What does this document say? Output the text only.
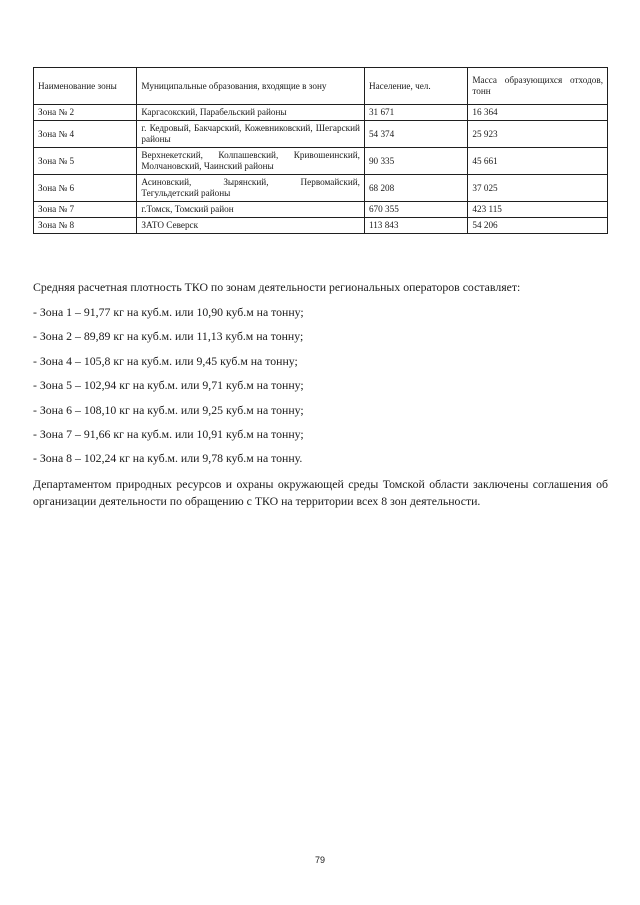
Наименование зоны	Муниципальные образования, входящие в зону	Население, чел.	Масса образующихся отходов, тонн
Зона № 2	Каргасокский, Парабельский районы	31 671	16 364
Зона № 4	г. Кедровый, Бакчарский, Кожевниковский, Шегарский районы	54 374	25 923
Зона № 5	Верхнекетский, Колпашевский, Кривошеинский, Молчановский, Чаинский районы	90 335	45 661
Зона № 6	Асиновский, Зырянский, Первомайский, Тегульдетский районы	68 208	37 025
Зона № 7	г.Томск, Томский район	670 355	423 115
Зона № 8	ЗАТО Северск	113 843	54 206

Средняя расчетная плотность ТКО по зонам деятельности региональных операторов составляет:

- Зона 1 – 91,77 кг на куб.м. или 10,90 куб.м на тонну;
- Зона 2 – 89,89 кг на куб.м. или 11,13 куб.м на тонну;
- Зона 4 – 105,8 кг на куб.м. или 9,45 куб.м на тонну;
- Зона 5 – 102,94 кг на куб.м. или 9,71 куб.м на тонну;
- Зона 6 – 108,10 кг на куб.м. или 9,25 куб.м на тонну;
- Зона 7 – 91,66 кг на куб.м. или 10,91 куб.м на тонну;
- Зона 8 – 102,24 кг на куб.м. или 9,78 куб.м на тонну.

Департаментом природных ресурсов и охраны окружающей среды Томской области заключены соглашения об организации деятельности по обращению с ТКО на территории всех 8 зон деятельности.

79
